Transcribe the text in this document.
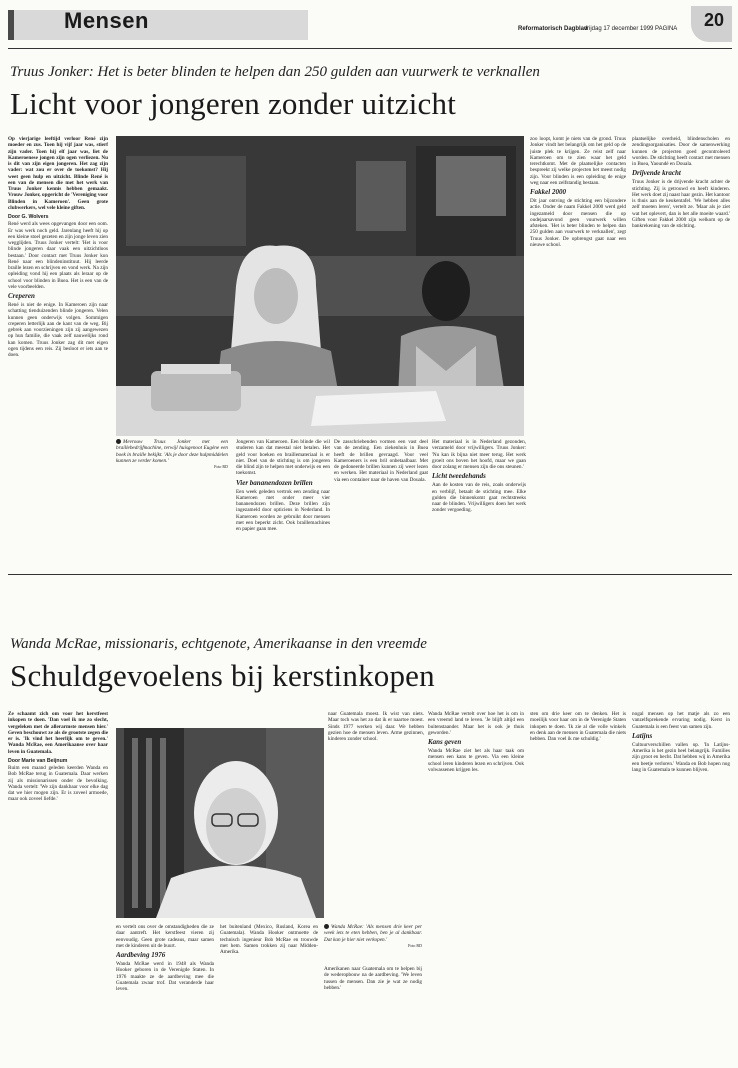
Mensen	Reformatorisch Dagblad
vrijdag 17 december 1999 PAGINA 20
Truus Jonker: Het is beter blinden te helpen dan 250 gulden aan vuurwerk te verknallen
Licht voor jongeren zonder uitzicht

Op vierjarige leeftijd verloor René zijn moeder en zus. Toen hij vijf jaar was, stierf zijn vader. Toen hij elf jaar was, liet de Kameroenese jongen zijn ogen verliezen. Nu is dit van zijn eigen jongeren. Het zag zijn vader: wat zou er over de toekomst? Hij weet geen hulp en uitzicht. Blinde René is een van de mensen die met het werk van Truus Jonker kennis hebben gemaakt. Vrouw Jonker, opgericht de 'Vereniging voor Blinden in Kameroen'. Geen grote clubwerkers, wel vele kleine giften.

Door G. Wolvers

René werd als wees opgevangen door een oom. Er was werk noch geld. Jarenlang heeft hij op een kleine stoel gezeten en zijn jonge leven zien wegglijden. Truus Jonker vertelt: 'Het is voor blinde jongeren daar vaak een uitzichtloos bestaan.' Door contact met Truus Jonker kon René naar een blindeninstituut. Hij leerde braille lezen en schrijven en vond werk. Na zijn opleiding vond hij een plaats als leraar op de school voor blinden in Buea. Het is een van de vele voorbeelden.

Creperen

René is niet de enige. In Kameroen zijn naar schatting tienduizenden blinde jongeren. Velen kunnen geen onderwijs volgen. Sommigen creperen letterlijk aan de kant van de weg. Bij gebrek aan voorzieningen zijn zij aangewezen op hun familie, die vaak zelf nauwelijks rond kan komen. Truus Jonker zag dit met eigen ogen tijdens een reis. Zij besloot er iets aan te doen.

Mevrouw Truus Jonker met een braillebedrijfmachine, terwijl huisgenoot Eugène een boek in braille bekijkt. 'Als je door deze hulpmiddelen kunnen ze verder komen.'
Foto RD

Jongeren van Kameroen. Een blinde die wil studeren kan dat meestal niet betalen. Het geld voor boeken en braillemateriaal is er niet. Doel van de stichting is om jongeren die blind zijn te helpen met onderwijs en een toekomst.

Vier bananendozen brillen

Een week geleden vertrok een zending naar Kameroen met onder meer vier bananendozen brillen. Deze brillen zijn ingezameld door opticiens in Nederland. In Kameroen worden ze gebruikt door mensen met een beperkt zicht. Ook braillemachines en papier gaan mee.

De zasschriebenden vormen een vast deel van de zending. Een ziekenhuis in Buea heeft de brillen gevraagd. Voor veel Kameroeners is een bril onbetaalbaar. Met de gedoneerde brillen kunnen zij weer lezen en werken. Het materiaal in Nederland gaat via een container naar de haven van Douala.

Het materiaal is in Nederland gezonden, verzameld door vrijwilligers. Truus Jonker: 'Nu kan ik bijna niet meer terug. Het werk groeit ons boven het hoofd, maar we gaan door zolang er mensen zijn die ons steunen.'

Licht tweedehands

Aan de kosten van de reis, zoals onderwijs en verblijf, betaalt de stichting mee. Elke gulden die binnenkomt gaat rechtstreeks naar de blinden. Vrijwilligers doen het werk zonder vergoeding.

zoo loopt, komt je niets van de grond. Truus Jonker vindt het belangrijk om het geld op de juiste plek te krijgen. Ze reist zelf naar Kameroen om te zien waar het geld terechtkomt. Met de plaatselijke contacten bespreekt zij welke projecten het meest nodig zijn. Voor blinden is een opleiding de enige weg naar een zelfstandig bestaan.

Fakkel 2000

Dit jaar ontving de stichting een bijzondere actie. Onder de naam Fakkel 2000 werd geld ingezameld door mensen die op oudejaarsavond geen vuurwerk willen afsteken. 'Het is beter blinden te helpen dan 250 gulden aan vuurwerk te verknallen', zegt Truus Jonker. De opbrengst gaat naar een nieuwe school.

plaatselijke overheid, blindenscholen en zendingsorganisaties. Door de samenwerking kunnen de projecten goed gecontroleerd worden. De stichting heeft contact met mensen in Buea, Yaoundé en Douala.

Drijvende kracht

Truus Jonker is de drijvende kracht achter de stichting. Zij is getrouwd en heeft kinderen. Het werk doet zij naast haar gezin. Het kantoor is thuis aan de keukentafel. 'We hebben alles zelf moeten leren', vertelt ze. 'Maar als je ziet wat het oplevert, dan is het alle moeite waard.' Giften voor Fakkel 2000 zijn welkom op de bankrekening van de stichting.

Wanda McRae, missionaris, echtgenote, Amerikaanse in den vreemde
Schuldgevoelens bij kerstinkopen

Ze schaamt zich om voor het kerstfeest inkopen te doen. 'Dan voel ik me zo slecht, vergeleken met de allerarmste mensen hier.' Geven beschouwt ze als de grootste zegen die er is. 'Ik vind het heerlijk om te geven.' Wanda McRae, een Amerikaanse over haar leven in Guatemala.

Door Marie van Beijnum

Ruim een maand geleden keerden Wanda en Bob McRae terug in Guatemala. Daar werken zij als missionarissen onder de bevolking. Wanda vertelt: 'We zijn dankbaar voor elke dag dat we hier mogen zijn. Er is zoveel armoede, maar ook zoveel liefde.'

en vertelt ons over de omstandigheden die ze daar aantreft. Het kerstfeest vieren zij eenvoudig. Geen grote cadeaus, maar samen met de kinderen uit de buurt.

Aardbeving 1976

Wanda McRae werd in 1948 als Wanda Hooker geboren in de Verenigde Staten. In 1976 maakte ze de aardbeving mee die Guatemala zwaar trof. Dat veranderde haar leven.

het buitenland (Mexico, Rusland, Korea en Guatemala). Wanda Hooker ontmoette de technisch ingenieur Bob McRae en trouwde met hem. Samen trokken zij naar Midden-Amerika.

naar Guatemala moest. Ik wist van niets. Maar toch was het zo dat ik er naartoe moest. Sinds 1977 werken wij daar. We hebben gezien hoe de mensen leven. Arme gezinnen, kinderen zonder school.

Wanda McRae: 'Als mensen drie keer per week iets te eten hebben, ben je al dankbaar. Dat kan je hier niet verkopen.'
Foto RD

Amerikanen naar Guatemala om te helpen bij de wederopbouw na de aardbeving. 'We leven tussen de mensen. Dan zie je wat ze nodig hebben.'

Wanda McRae vertelt over hoe het is om in een vreemd land te leven. 'Je blijft altijd een buitenstaander. Maar het is ook je thuis geworden.'

Kans geven

Wanda McRae ziet het als haar taak om mensen een kans te geven. Via een kleine school leren kinderen lezen en schrijven. Ook volwassenen krijgen les.

sten om drie keer om te denken. Het is moeilijk voor haar om in de Verenigde Staten inkopen te doen. 'Ik zie al die volle winkels en denk aan de mensen in Guatemala die niets hebben. Dan voel ik me schuldig.'

nogal mensen op het matje als zo een vanzelfsprekende ervaring nodig. Kerst in Guatemala is een feest van samen zijn.

Latijns

Cultuurverschillen vallen op. 'In Latijns-Amerika is het gezin heel belangrijk. Families zijn groot en hecht. Dat hebben wij in Amerika een beetje verloren.' Wanda en Bob hopen nog lang in Guatemala te kunnen blijven.
